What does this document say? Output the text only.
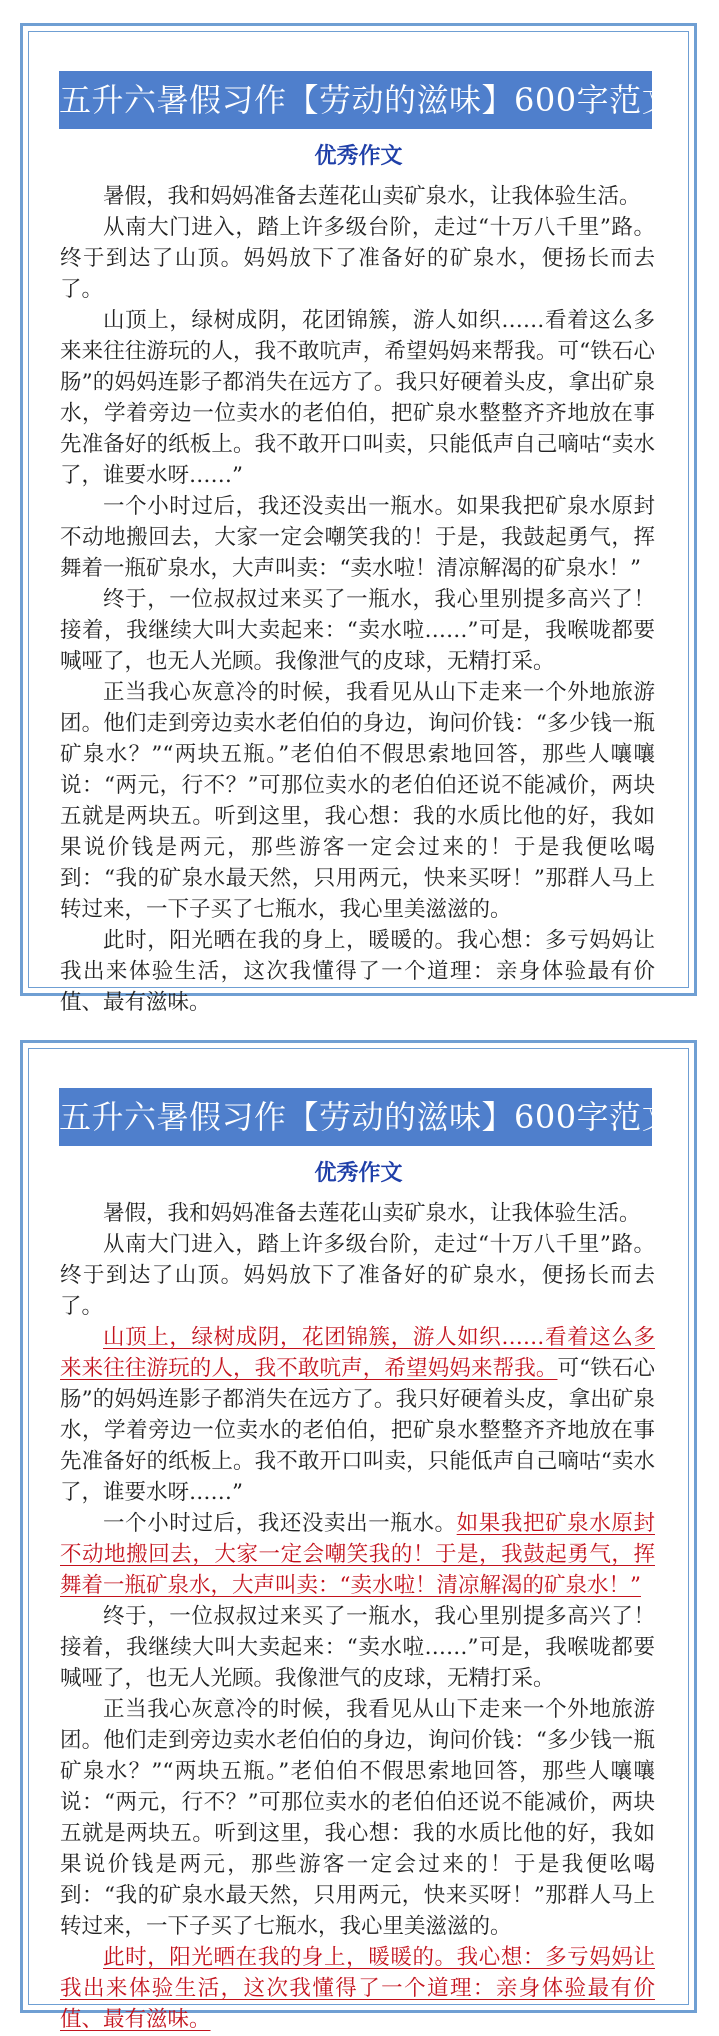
五升六暑假习作【劳动的滋味】600字范文
优秀作文

暑假，我和妈妈准备去莲花山卖矿泉水，让我体验生活。

从南大门进入，踏上许多级台阶，走过“十万八千里”路。终于到达了山顶。妈妈放下了准备好的矿泉水，便扬长而去了。

山顶上，绿树成阴，花团锦簇，游人如织……看着这么多来来往往游玩的人，我不敢吭声，希望妈妈来帮我。可“铁石心肠”的妈妈连影子都消失在远方了。我只好硬着头皮，拿出矿泉水，学着旁边一位卖水的老伯伯，把矿泉水整整齐齐地放在事先准备好的纸板上。我不敢开口叫卖，只能低声自己嘀咕“卖水了，谁要水呀……”

一个小时过后，我还没卖出一瓶水。如果我把矿泉水原封不动地搬回去，大家一定会嘲笑我的！于是，我鼓起勇气，挥舞着一瓶矿泉水，大声叫卖：“卖水啦！清凉解渴的矿泉水！”

终于，一位叔叔过来买了一瓶水，我心里别提多高兴了！接着，我继续大叫大卖起来：“卖水啦……”可是，我喉咙都要喊哑了，也无人光顾。我像泄气的皮球，无精打采。

正当我心灰意冷的时候，我看见从山下走来一个外地旅游团。他们走到旁边卖水老伯伯的身边，询问价钱：“多少钱一瓶矿泉水？”“两块五瓶。”老伯伯不假思索地回答，那些人嚷嚷说：“两元，行不？”可那位卖水的老伯伯还说不能减价，两块五就是两块五。听到这里，我心想：我的水质比他的好，我如果说价钱是两元，那些游客一定会过来的！于是我便吆喝到：“我的矿泉水最天然，只用两元，快来买呀！”那群人马上转过来，一下子买了七瓶水，我心里美滋滋的。

此时，阳光晒在我的身上，暖暖的。我心想：多亏妈妈让我出来体验生活，这次我懂得了一个道理：亲身体验最有价值、最有滋味。

五升六暑假习作【劳动的滋味】600字范文
优秀作文

暑假，我和妈妈准备去莲花山卖矿泉水，让我体验生活。

从南大门进入，踏上许多级台阶，走过“十万八千里”路。终于到达了山顶。妈妈放下了准备好的矿泉水，便扬长而去了。

山顶上，绿树成阴，花团锦簇，游人如织……看着这么多来来往往游玩的人，我不敢吭声，希望妈妈来帮我。可“铁石心肠”的妈妈连影子都消失在远方了。我只好硬着头皮，拿出矿泉水，学着旁边一位卖水的老伯伯，把矿泉水整整齐齐地放在事先准备好的纸板上。我不敢开口叫卖，只能低声自己嘀咕“卖水了，谁要水呀……”

一个小时过后，我还没卖出一瓶水。如果我把矿泉水原封不动地搬回去，大家一定会嘲笑我的！于是，我鼓起勇气，挥舞着一瓶矿泉水，大声叫卖：“卖水啦！清凉解渴的矿泉水！”

终于，一位叔叔过来买了一瓶水，我心里别提多高兴了！接着，我继续大叫大卖起来：“卖水啦……”可是，我喉咙都要喊哑了，也无人光顾。我像泄气的皮球，无精打采。

正当我心灰意冷的时候，我看见从山下走来一个外地旅游团。他们走到旁边卖水老伯伯的身边，询问价钱：“多少钱一瓶矿泉水？”“两块五瓶。”老伯伯不假思索地回答，那些人嚷嚷说：“两元，行不？”可那位卖水的老伯伯还说不能减价，两块五就是两块五。听到这里，我心想：我的水质比他的好，我如果说价钱是两元，那些游客一定会过来的！于是我便吆喝到：“我的矿泉水最天然，只用两元，快来买呀！”那群人马上转过来，一下子买了七瓶水，我心里美滋滋的。

此时，阳光晒在我的身上，暖暖的。我心想：多亏妈妈让我出来体验生活，这次我懂得了一个道理：亲身体验最有价值、最有滋味。
